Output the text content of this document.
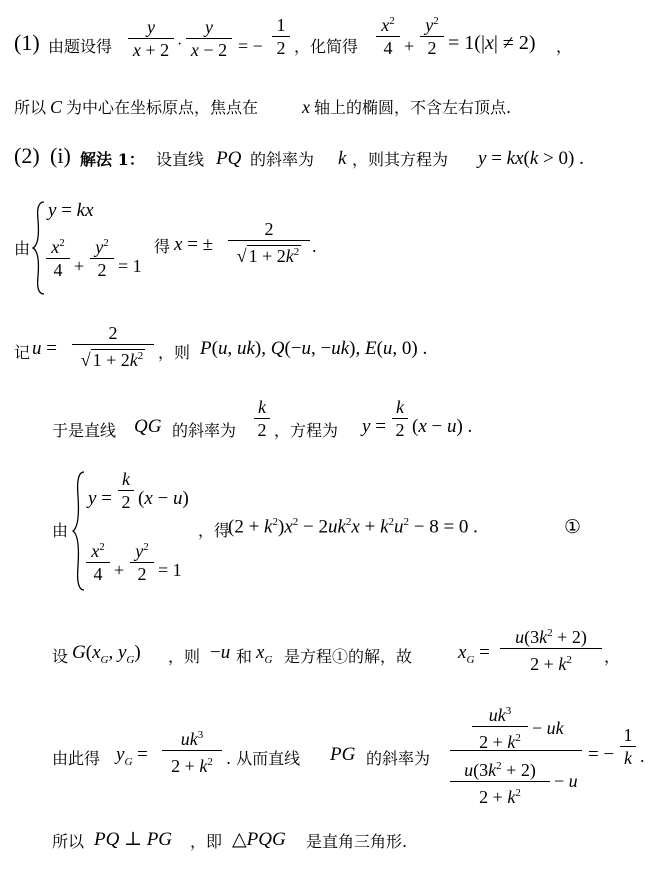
(1) 由题设得
y
x + 2 ·
y
x − 2 = −
1
2 ，化简得
$x^2$
4 +
$y^2$
2 = 1(|x| ≠ 2) ，
所以 C 为中心在坐标原点，焦点在 x 轴上的椭圆，不含左右顶点.
(2) (i) 解法 1： 设直线 PQ 的斜率为 k ，则其方程为 y = kx(k > 0) .
由
y = kx
$x^2$
4 +
$y^2$
2 = 1
得 x = ±
2
√ $1 + 2k^2$ .
记 u =
2
√ $1 + 2k^2$ ，则 P(u, uk), Q(−u, −uk), E(u, 0) .
于是直线 QG 的斜率为
k
2 ，方程为 y =
k
2 (x − u) .
由
y =
k
2 (x − u)
$x^2$
4 +
$y^2$
2 = 1
，得
$(2 + k^2)x^2 - 2uk^2x + k^2u^2 - 8 = 0$ .	①
设 $G(x_G$, $y_G$) ，则 −u 和 $x_G$ 是方程①的解，故 $x_G$ =
$u(3k^2 + 2)$
$2 + k^2$	，
由此得 $y_G$ =
$uk^3$
$2 + k^2$ . 从而直线 PG 的斜率为
$uk^3$
$2 + k^2$ − uk
$u(3k^2 + 2)$
$2 + k^2$
− u
= −
1
k .
所以 PQ ⊥ PG ，即 △PQG 是直角三角形.
